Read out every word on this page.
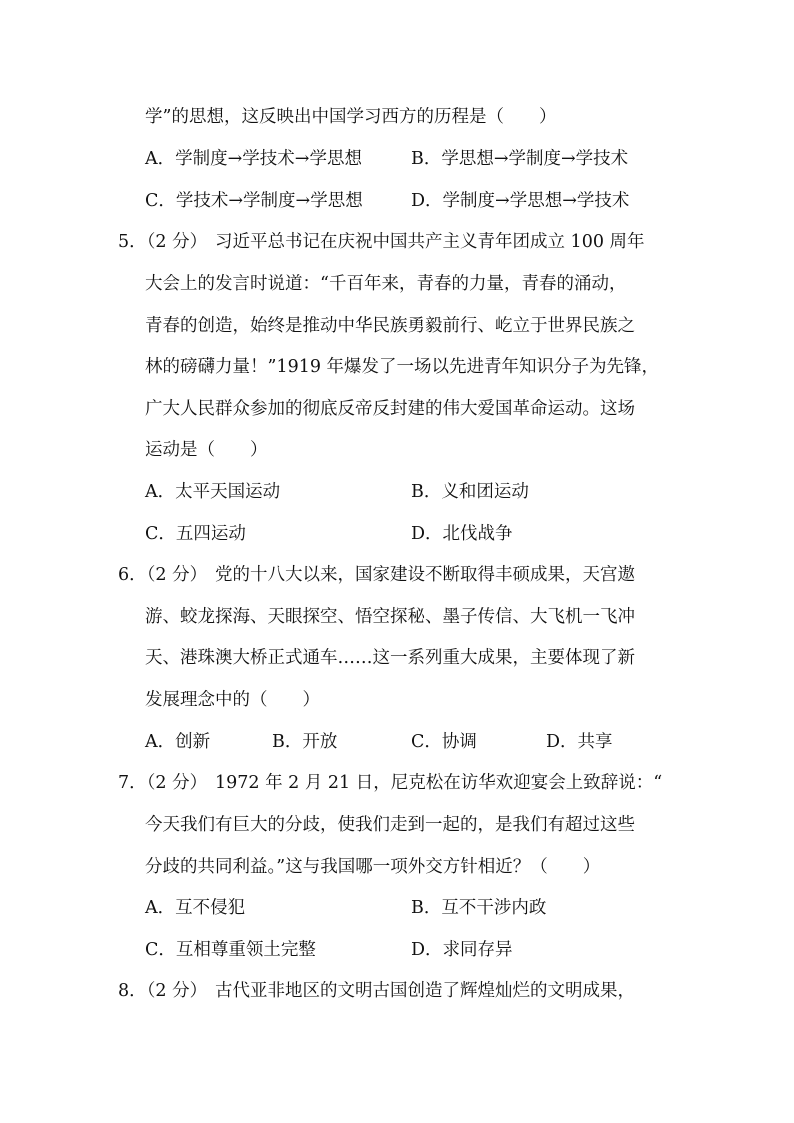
学”的思想，这反映出中国学习西方的历程是（　　）
A．学制度→学技术→学思想	B．学思想→学制度→学技术
C．学技术→学制度→学思想	D．学制度→学思想→学技术
5．（2 分） 习近平总书记在庆祝中国共产主义青年团成立 100 周年
大会上的发言时说道：“千百年来，青春的力量，青春的涌动，
青春的创造，始终是推动中华民族勇毅前行、屹立于世界民族之
林的磅礴力量！”1919 年爆发了一场以先进青年知识分子为先锋，
广大人民群众参加的彻底反帝反封建的伟大爱国革命运动。这场
运动是（　　）
A．太平天国运动	B．义和团运动
C．五四运动	D．北伐战争
6．（2 分） 党的十八大以来，国家建设不断取得丰硕成果，天宫遨
游、蛟龙探海、天眼探空、悟空探秘、墨子传信、大飞机一飞冲
天、港珠澳大桥正式通车……这一系列重大成果，主要体现了新
发展理念中的（　　）
A．创新	B．开放	C．协调	D．共享
7．（2 分） 1972 年 2 月 21 日，尼克松在访华欢迎宴会上致辞说：“
今天我们有巨大的分歧，使我们走到一起的，是我们有超过这些
分歧的共同利益。”这与我国哪一项外交方针相近？（　　）
A．互不侵犯	B．互不干涉内政
C．互相尊重领土完整	D．求同存异
8．（2 分） 古代亚非地区的文明古国创造了辉煌灿烂的文明成果，
